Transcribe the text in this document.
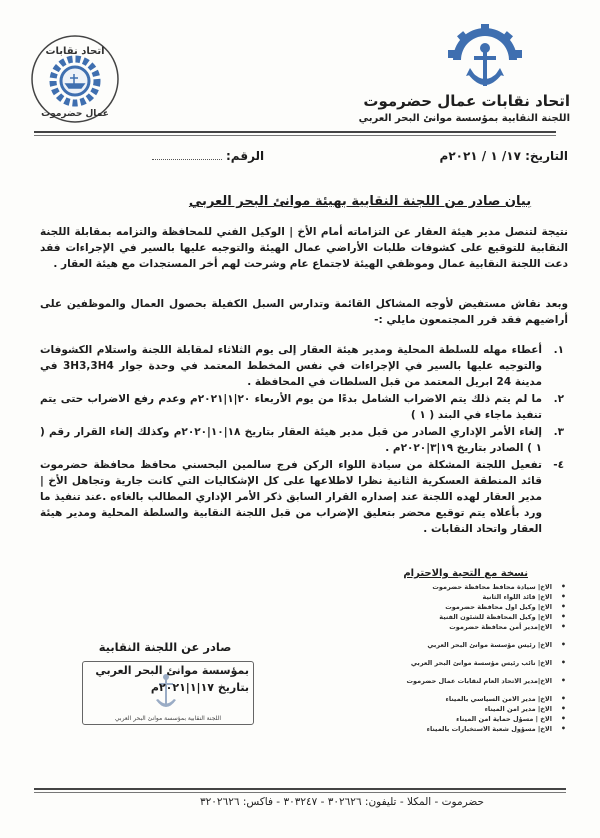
اتحاد نقابات عمال حضرموت
اللجنة النقابية بمؤسسة موانئ البحر العربي
اتحاد نقابات
عمال حضرموت
التاريخ: ١٧/ ١ / ٢٠٢١م
الرقم:
بيان صادر من اللجنة النقابية بهيئة موانئ البحر العربي
نتيجة لتنصل مدير هيئة العقار عن التزاماته أمام الأخ | الوكيل الفني للمحافظة والتزامه بمقابلة اللجنة النقابية للتوقيع على كشوفات طلبات الأراضي عمال الهيئة والتوجيه عليها بالسير في الإجراءات فقد دعت اللجنة النقابية عمال وموظفي الهيئة لاجتماع عام وشرحت لهم أخر المستجدات مع هيئة العقار .
وبعد نقاش مستفيض لأوجه المشاكل القائمة وتدارس السبل الكفيلة بحصول العمال والموظفين على أراضيهم فقد قرر المجتمعون مايلي :-
١.
أعطاء مهله للسلطة المحلية ومدير هيئة العقار إلى يوم الثلاثاء لمقابلة اللجنة واستلام الكشوفات والتوجيه عليها بالسير في الإجراءات في نفس المخطط المعتمد في وحدة جوار 3H3,3H4 في مدينة 24 ابريل المعتمد من قبل السلطات في المحافظة .
٢.
ما لم يتم ذلك يتم الاضراب الشامل بدءًا من يوم الأربعاء ٢٠|١|٢٠٢١م وعدم رفع الاضراب حتى يتم تنفيذ ماجاء في البند ( ١ )
٣.
إلغاء الأمر الإداري الصادر من قبل مدير هيئة العقار بتاريخ ١٨|١٠|٢٠٢٠م وكذلك إلغاء القرار رقم ( ١ ) الصادر بتاريخ ١٩|٣|٢٠٢٠م .
٤-
تفعيل اللجنة المشكلة من سيادة اللواء الركن فرج سالمين البحسني محافظ محافظة حضرموت قائد المنطقة العسكرية الثانية نظرا لاطلاعها على كل الإشكاليات التي كانت جارية وتجاهل الأخ | مدير العقار لهده اللجنة عند إصداره القرار السابق ذكر الأمر الإداري المطالب بالغاءه .عند تنفيذ ما ورد بأعلاه يتم توقيع محضر بتعليق الإضراب من قبل اللجنة النقابية والسلطة المحلية ومدير هيئة العقار واتحاد النقابات .
نسخة مع التحية والاحترام
• الاخ| سيادة محافظ محافظة حضرموت
• الاخ| قائد اللواء الثانية
• الاخ| وكيل اول محافظة حضرموت
• الاخ| وكيل المحافظة للشئون الفنية
• الاخ|مدير أمن محافظة حضرموت
• الاخ| رئيس مؤسسة موانئ البحر العربي
• الاخ| نائب رئيس مؤسسة موانئ البحر العربي
• الاخ|مدير الاتحاد العام لنقابات عمال حضرموت
• الاخ| مدير الامن السياسي بالميناء
• الاخ| مدير امن الميناء
• الاخ | مسؤل حماية امن الميناء
• الاخ| مسؤول شعبة الاستخبارات بالميناء
صادر عن اللجنة النقابية
بمؤسسة موانئ البحر العربي
بتاريخ ١٧|١|٢٠٢١م
اللجنة النقابية بمؤسسة موانئ البحر العربي
حضرموت - المكلا - تليفون: ٣٠٢٦٢٦ - ٣٠٣٢٤٧ - فاكس: ٣٢٠٢٦٢٦
